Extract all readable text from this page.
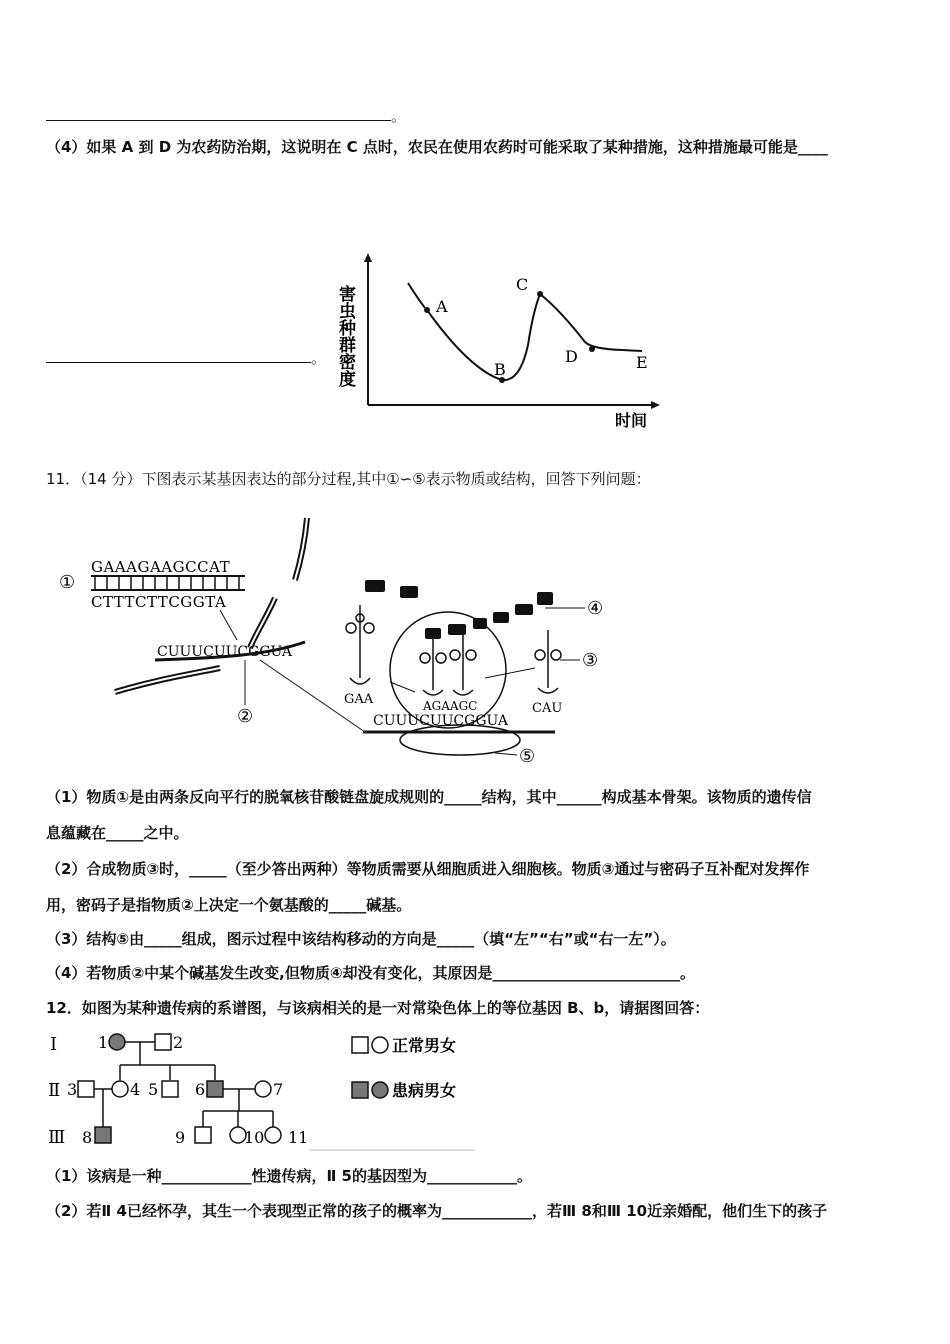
。
（4）如果 A 到 D 为农药防治期，这说明在 C 点时，农民在使用农药时可能采取了某种措施，这种措施最可能是____
。 害虫种群密度	A
B
C
D	E
时间
11．（14 分）下图表示某基因表达的部分过程,其中①∽⑤表示物质或结构，回答下列问题：
①
GAAAGAAGCCAT
CTTTCTTCGGTA
CUUUCUUCGGUA
②
④
GAA	AGAAGC	CAU
③
CUUUCUUCGGUA
⑤
（1）物质①是由两条反向平行的脱氧核苷酸链盘旋成规则的_____结构，其中______构成基本骨架。该物质的遗传信
息蕴藏在_____之中。
（2）合成物质③时，_____（至少答出两种）等物质需要从细胞质进入细胞核。物质③通过与密码子互补配对发挥作
用，密码子是指物质②上决定一个氨基酸的_____碱基。
（3）结构⑤由_____组成，图示过程中该结构移动的方向是_____（填“左”“右”或“右一左”）。
（4）若物质②中某个碱基发生改变,但物质④却没有变化，其原因是_________________________。
12．如图为某种遗传病的系谱图，与该病相关的是一对常染色体上的等位基因 B、b，请据图回答：
Ⅰ
Ⅱ
Ⅲ
1	2
3	4 5 6	7
8	9	10 11
正常男女
患病男女
（1）该病是一种____________性遗传病，Ⅱ 5的基因型为____________。
（2）若Ⅱ 4已经怀孕，其生一个表现型正常的孩子的概率为____________，若Ⅲ 8和Ⅲ 10近亲婚配，他们生下的孩子
